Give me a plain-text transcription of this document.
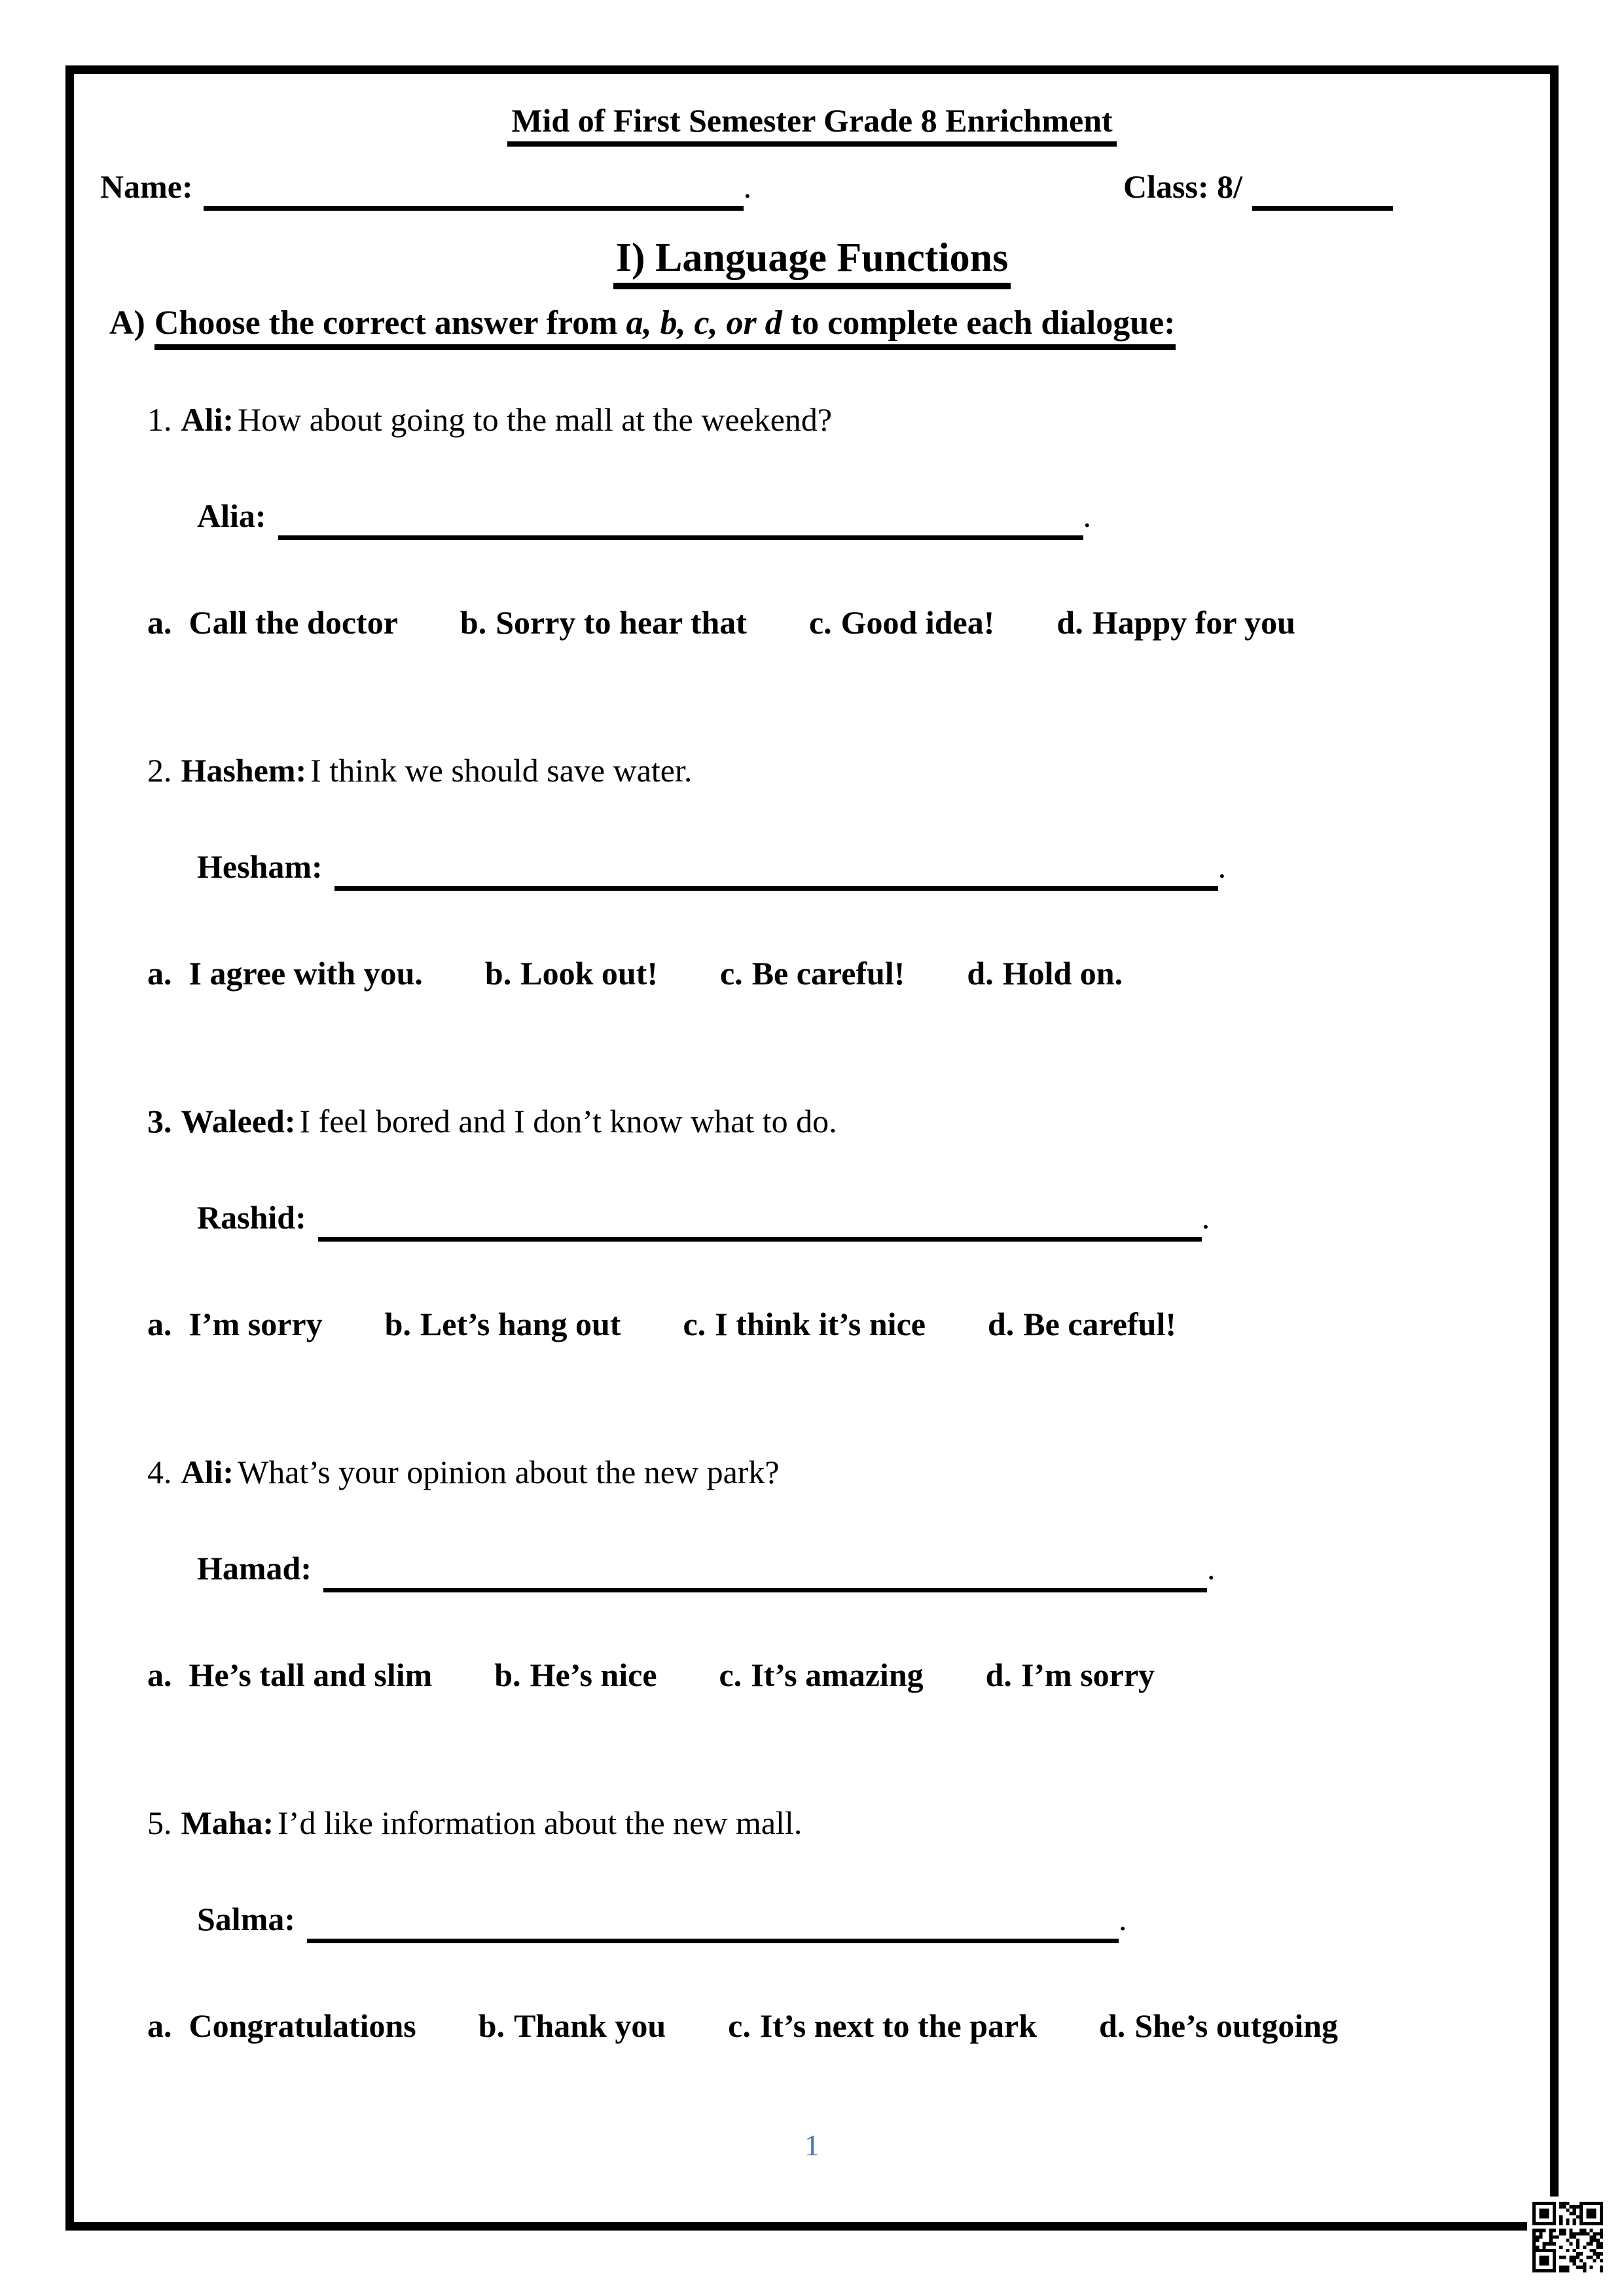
Mid of First Semester Grade 8 Enrichment
Name:	.	Class: 8/
I) Language Functions
A) Choose the correct answer from a, b, c, or d to complete each dialogue:
1. Ali: How about going to the mall at the weekend?
Alia:	.
a. Call the doctor b. Sorry to hear that c. Good idea! d. Happy for you
2. Hashem: I think we should save water.
Hesham:	.
a. I agree with you. b. Look out! c. Be careful! d. Hold on.
3. Waleed: I feel bored and I don’t know what to do.
Rashid:	.
a. I’m sorry b. Let’s hang out c. I think it’s nice d. Be careful!
4. Ali: What’s your opinion about the new park?
Hamad:	.
a. He’s tall and slim b. He’s nice c. It’s amazing d. I’m sorry
5. Maha: I’d like information about the new mall.
Salma:	.
a. Congratulations b. Thank you c. It’s next to the park d. She’s outgoing
1
